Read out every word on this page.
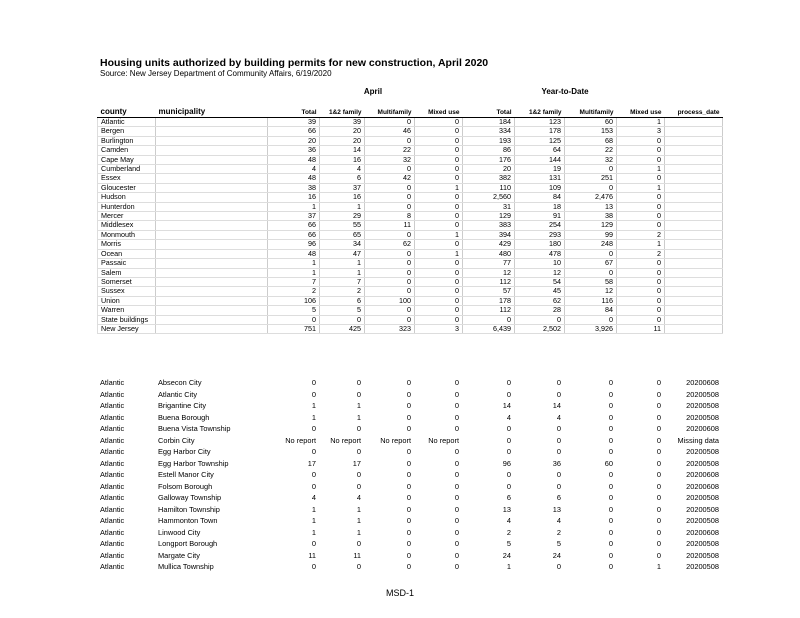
Housing units authorized by building permits for new construction, April 2020
Source: New Jersey Department of Community Affairs, 6/19/2020
April	Year-to-Date
county	municipality	Total	1&2 family	Multifamily	Mixed use	Total	1&2 family	Multifamily	Mixed use	process_date
Atlantic		39	39	0	0	184	123	60	1	
Bergen		66	20	46	0	334	178	153	3	
Burlington		20	20	0	0	193	125	68	0	
Camden		36	14	22	0	86	64	22	0	
Cape May		48	16	32	0	176	144	32	0	
Cumberland		4	4	0	0	20	19	0	1	
Essex		48	6	42	0	382	131	251	0	
Gloucester		38	37	0	1	110	109	0	1	
Hudson		16	16	0	0	2,560	84	2,476	0	
Hunterdon		1	1	0	0	31	18	13	0	
Mercer		37	29	8	0	129	91	38	0	
Middlesex		66	55	11	0	383	254	129	0	
Monmouth		66	65	0	1	394	293	99	2	
Morris		96	34	62	0	429	180	248	1	
Ocean		48	47	0	1	480	478	0	2	
Passaic		1	1	0	0	77	10	67	0	
Salem		1	1	0	0	12	12	0	0	
Somerset		7	7	0	0	112	54	58	0	
Sussex		2	2	0	0	57	45	12	0	
Union		106	6	100	0	178	62	116	0	
Warren		5	5	0	0	112	28	84	0	
State buildings		0	0	0	0	0	0	0	0	
New Jersey		751	425	323	3	6,439	2,502	3,926	11	
Atlantic	Absecon City	0	0	0	0	0	0	0	0	20200608
Atlantic	Atlantic City	0	0	0	0	0	0	0	0	20200508
Atlantic	Brigantine City	1	1	0	0	14	14	0	0	20200508
Atlantic	Buena Borough	1	1	0	0	4	4	0	0	20200508
Atlantic	Buena Vista Township	0	0	0	0	0	0	0	0	20200608
Atlantic	Corbin City	No report	No report	No report	No report	0	0	0	0	Missing data
Atlantic	Egg Harbor City	0	0	0	0	0	0	0	0	20200508
Atlantic	Egg Harbor Township	17	17	0	0	96	36	60	0	20200508
Atlantic	Estell Manor City	0	0	0	0	0	0	0	0	20200608
Atlantic	Folsom Borough	0	0	0	0	0	0	0	0	20200608
Atlantic	Galloway Township	4	4	0	0	6	6	0	0	20200508
Atlantic	Hamilton Township	1	1	0	0	13	13	0	0	20200508
Atlantic	Hammonton Town	1	1	0	0	4	4	0	0	20200508
Atlantic	Linwood City	1	1	0	0	2	2	0	0	20200608
Atlantic	Longport Borough	0	0	0	0	5	5	0	0	20200508
Atlantic	Margate City	11	11	0	0	24	24	0	0	20200508
Atlantic	Mullica Township	0	0	0	0	1	0	0	1	20200508
MSD-1
